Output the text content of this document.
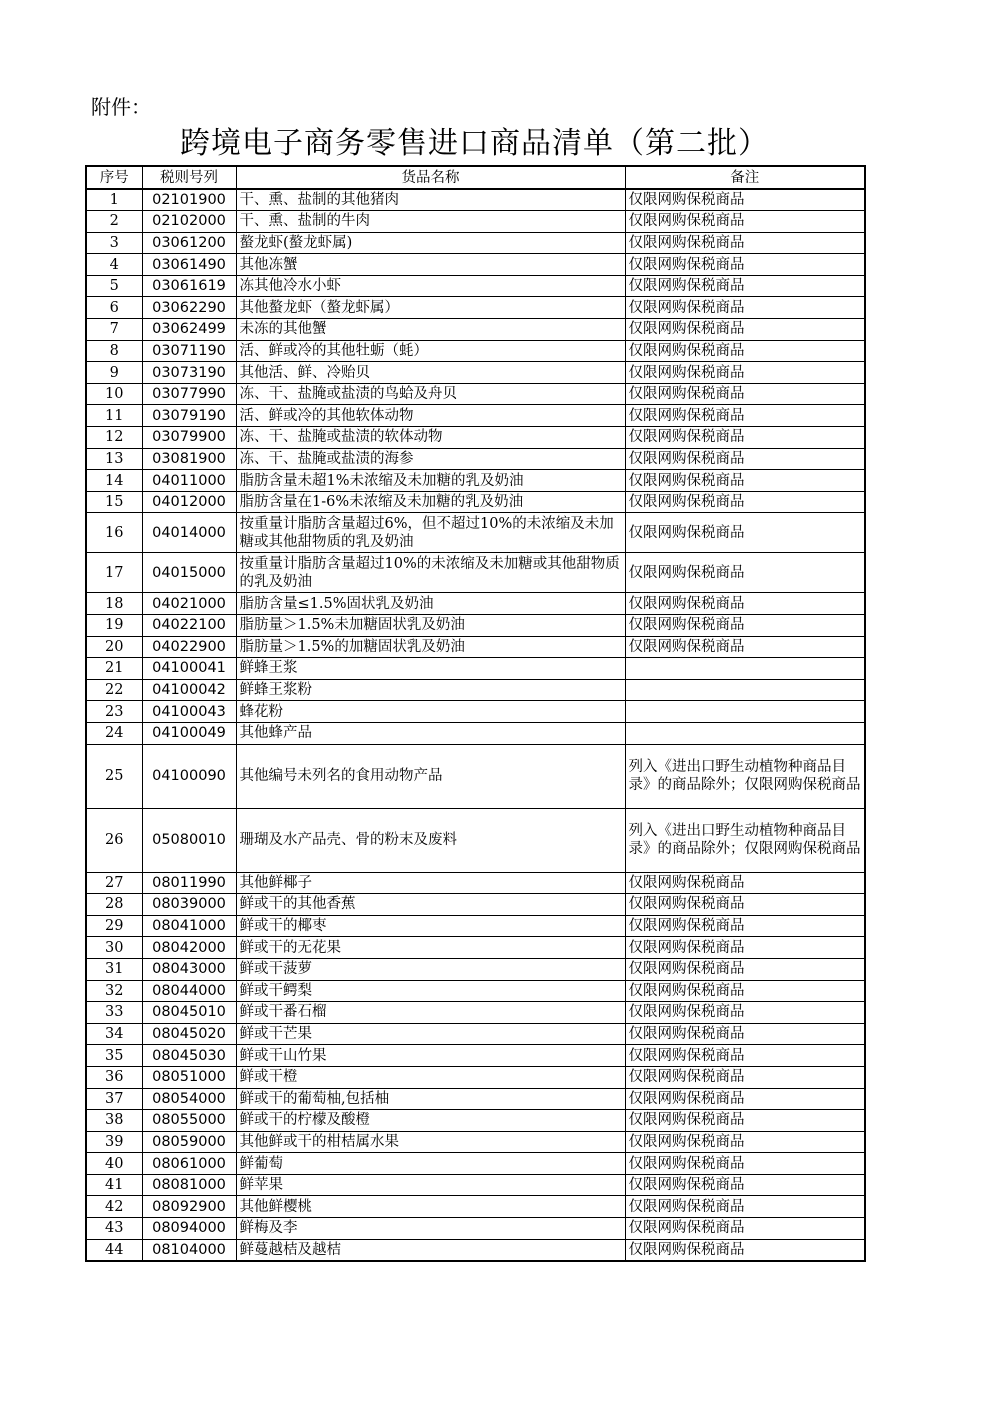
附件：
跨境电子商务零售进口商品清单（第二批）
序号	税则号列	货品名称	备注
1	02101900	干、熏、盐制的其他猪肉	仅限网购保税商品
2	02102000	干、熏、盐制的牛肉	仅限网购保税商品
3	03061200	螯龙虾(螯龙虾属)	仅限网购保税商品
4	03061490	其他冻蟹	仅限网购保税商品
5	03061619	冻其他冷水小虾	仅限网购保税商品
6	03062290	其他螯龙虾（螯龙虾属）	仅限网购保税商品
7	03062499	未冻的其他蟹	仅限网购保税商品
8	03071190	活、鲜或冷的其他牡蛎（蚝）	仅限网购保税商品
9	03073190	其他活、鲜、冷贻贝	仅限网购保税商品
10	03077990	冻、干、盐腌或盐渍的鸟蛤及舟贝	仅限网购保税商品
11	03079190	活、鲜或冷的其他软体动物	仅限网购保税商品
12	03079900	冻、干、盐腌或盐渍的软体动物	仅限网购保税商品
13	03081900	冻、干、盐腌或盐渍的海参	仅限网购保税商品
14	04011000	脂肪含量未超1%未浓缩及未加糖的乳及奶油	仅限网购保税商品
15	04012000	脂肪含量在1-6%未浓缩及未加糖的乳及奶油	仅限网购保税商品
16	04014000	按重量计脂肪含量超过6%，但不超过10%的未浓缩及未加糖或其他甜物质的乳及奶油	仅限网购保税商品
17	04015000	按重量计脂肪含量超过10%的未浓缩及未加糖或其他甜物质的乳及奶油	仅限网购保税商品
18	04021000	脂肪含量≤1.5%固状乳及奶油	仅限网购保税商品
19	04022100	脂肪量＞1.5%未加糖固状乳及奶油	仅限网购保税商品
20	04022900	脂肪量＞1.5%的加糖固状乳及奶油	仅限网购保税商品
21	04100041	鲜蜂王浆	
22	04100042	鲜蜂王浆粉	
23	04100043	蜂花粉	
24	04100049	其他蜂产品	
25	04100090	其他编号未列名的食用动物产品	列入《进出口野生动植物种商品目录》的商品除外；仅限网购保税商品
26	05080010	珊瑚及水产品壳、骨的粉末及废料	列入《进出口野生动植物种商品目录》的商品除外；仅限网购保税商品
27	08011990	其他鲜椰子	仅限网购保税商品
28	08039000	鲜或干的其他香蕉	仅限网购保税商品
29	08041000	鲜或干的椰枣	仅限网购保税商品
30	08042000	鲜或干的无花果	仅限网购保税商品
31	08043000	鲜或干菠萝	仅限网购保税商品
32	08044000	鲜或干鳄梨	仅限网购保税商品
33	08045010	鲜或干番石榴	仅限网购保税商品
34	08045020	鲜或干芒果	仅限网购保税商品
35	08045030	鲜或干山竹果	仅限网购保税商品
36	08051000	鲜或干橙	仅限网购保税商品
37	08054000	鲜或干的葡萄柚,包括柚	仅限网购保税商品
38	08055000	鲜或干的柠檬及酸橙	仅限网购保税商品
39	08059000	其他鲜或干的柑桔属水果	仅限网购保税商品
40	08061000	鲜葡萄	仅限网购保税商品
41	08081000	鲜苹果	仅限网购保税商品
42	08092900	其他鲜樱桃	仅限网购保税商品
43	08094000	鲜梅及李	仅限网购保税商品
44	08104000	鲜蔓越桔及越桔	仅限网购保税商品
